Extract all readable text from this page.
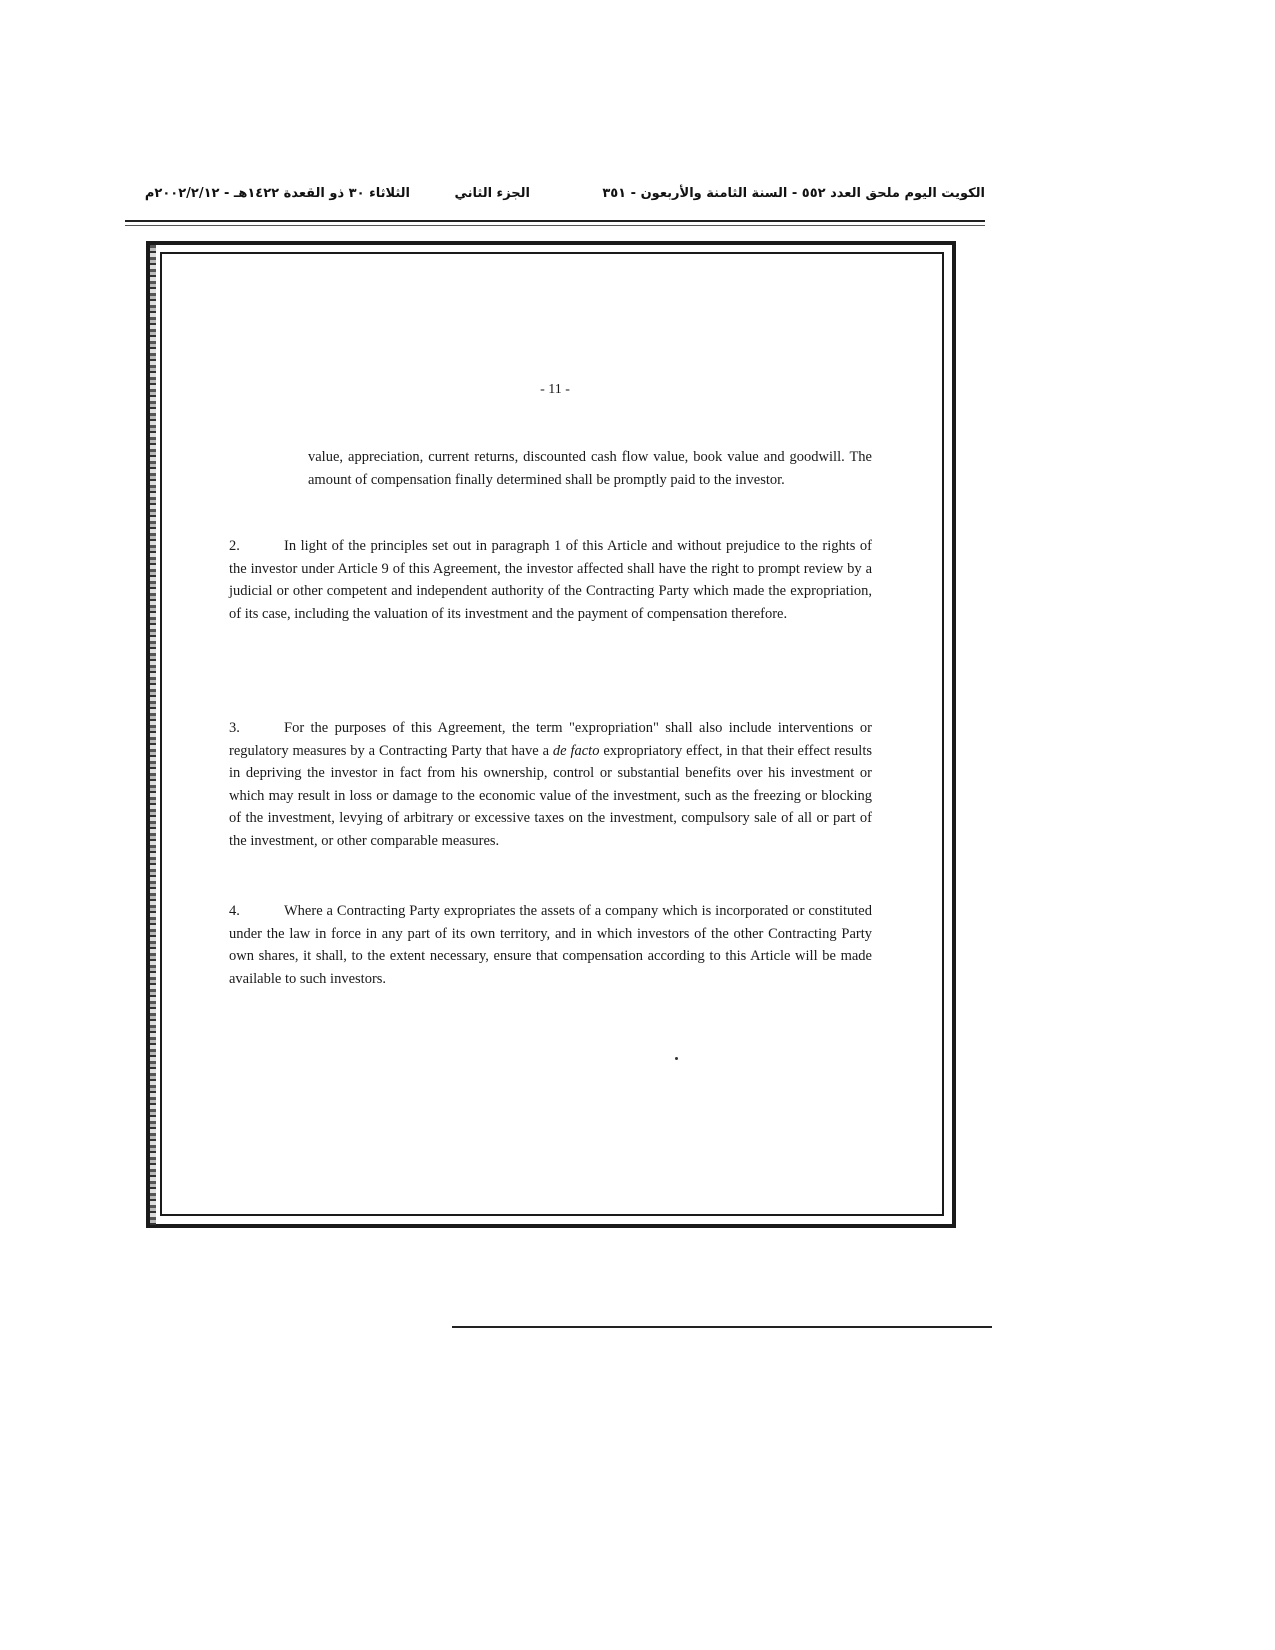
الكويت اليوم ملحق العدد ٥٥٢ - السنة الثامنة والأربعون - ٣٥١
الجزء الثاني
الثلاثاء ٣٠ ذو القعدة ١٤٢٢هـ - ٢٠٠٢/٢/١٢م
- 11 -

value, appreciation, current returns, discounted cash flow value, book value and goodwill. The amount of compensation finally determined shall be promptly paid to the investor.

2.	In light of the principles set out in paragraph 1 of this Article and without prejudice to the rights of the investor under Article 9 of this Agreement, the investor affected shall have the right to prompt review by a judicial or other competent and independent authority of the Contracting Party which made the expropriation, of its case, including the valuation of its investment and the payment of compensation therefore.

3.	For the purposes of this Agreement, the term "expropriation" shall also include interventions or regulatory measures by a Contracting Party that have a de facto expropriatory effect, in that their effect results in depriving the investor in fact from his ownership, control or substantial benefits over his investment or which may result in loss or damage to the economic value of the investment, such as the freezing or blocking of the investment, levying of arbitrary or excessive taxes on the investment, compulsory sale of all or part of the investment, or other comparable measures.

4.	Where a Contracting Party expropriates the assets of a company which is incorporated or constituted under the law in force in any part of its own territory, and in which investors of the other Contracting Party own shares, it shall, to the extent necessary, ensure that compensation according to this Article will be made available to such investors.
